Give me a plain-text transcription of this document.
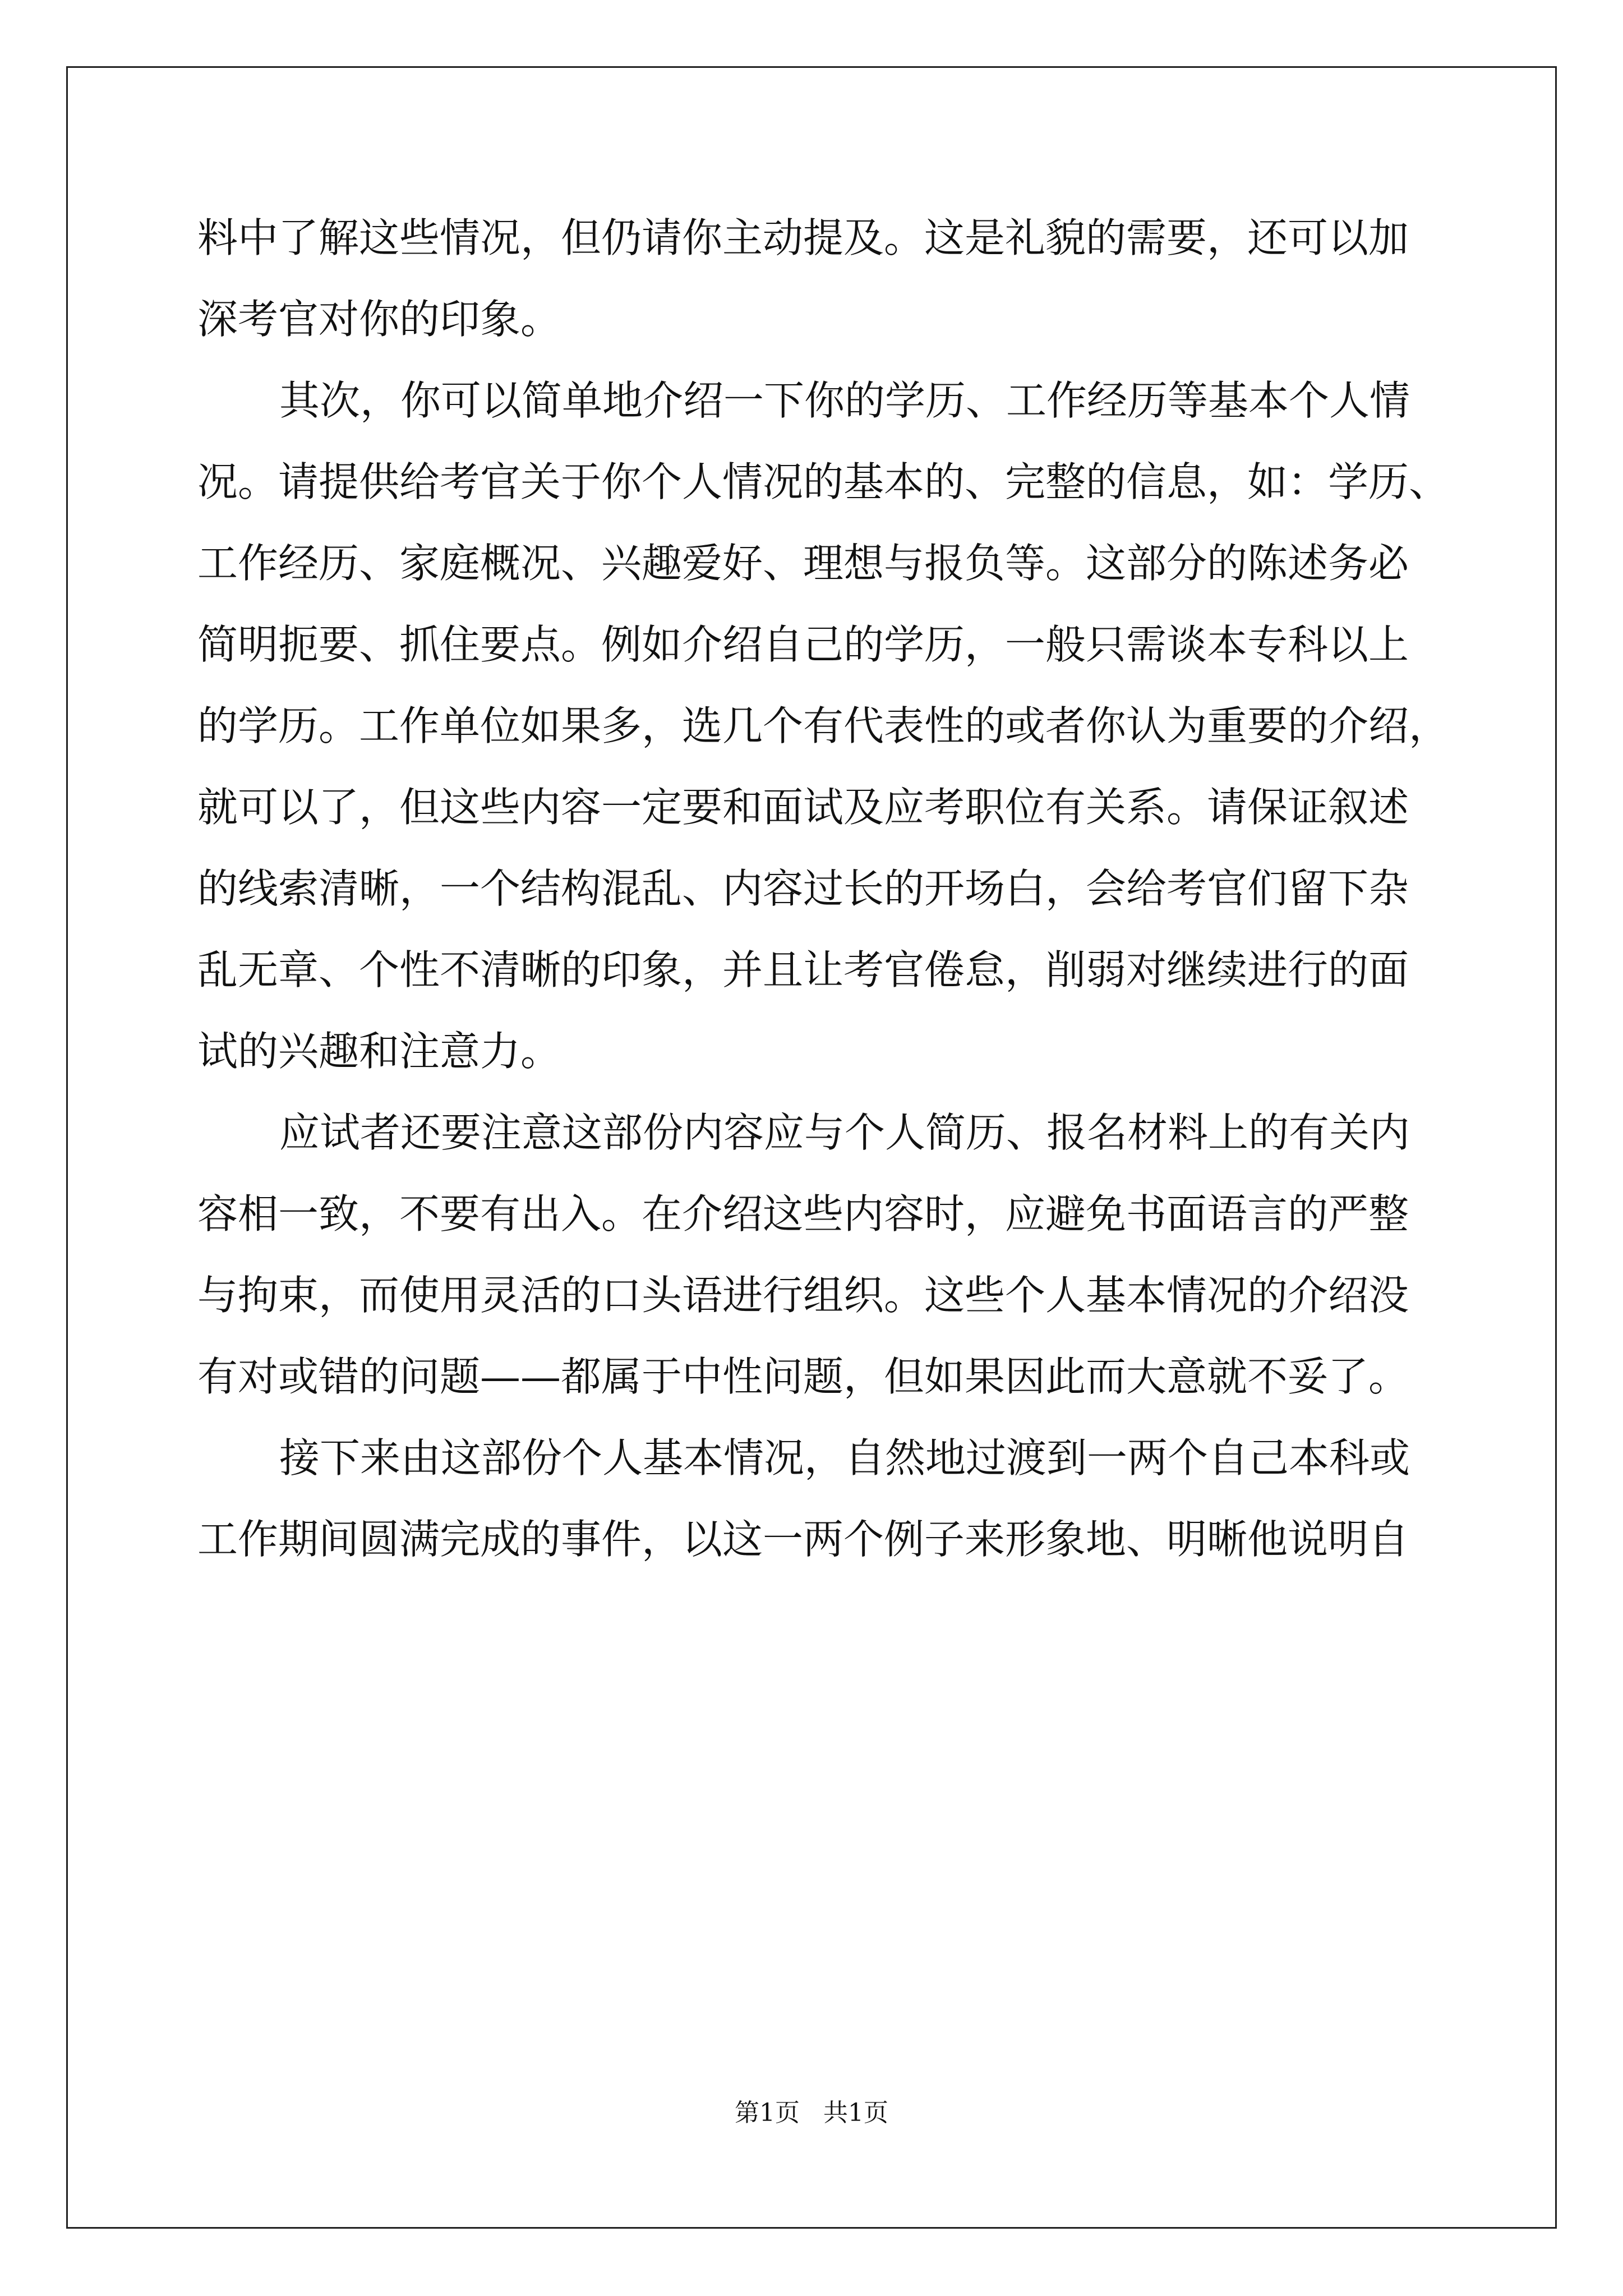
料中了解这些情况，但仍请你主动提及。这是礼貌的需要，还可以加
深考官对你的印象。
其次，你可以简单地介绍一下你的学历、工作经历等基本个人情
况。请提供给考官关于你个人情况的基本的、完整的信息，如：学历、
工作经历、家庭概况、兴趣爱好、理想与报负等。这部分的陈述务必
简明扼要、抓住要点。例如介绍自己的学历，一般只需谈本专科以上
的学历。工作单位如果多，选几个有代表性的或者你认为重要的介绍，
就可以了，但这些内容一定要和面试及应考职位有关系。请保证叙述
的线索清晰，一个结构混乱、内容过长的开场白，会给考官们留下杂
乱无章、个性不清晰的印象，并且让考官倦怠，削弱对继续进行的面
试的兴趣和注意力。
应试者还要注意这部份内容应与个人简历、报名材料上的有关内
容相一致，不要有出入。在介绍这些内容时，应避免书面语言的严整
与拘束，而使用灵活的口头语进行组织。这些个人基本情况的介绍没
有对或错的问题——都属于中性问题，但如果因此而大意就不妥了。
接下来由这部份个人基本情况，自然地过渡到一两个自己本科或
工作期间圆满完成的事件，以这一两个例子来形象地、明晰他说明自
第1页   共1页
